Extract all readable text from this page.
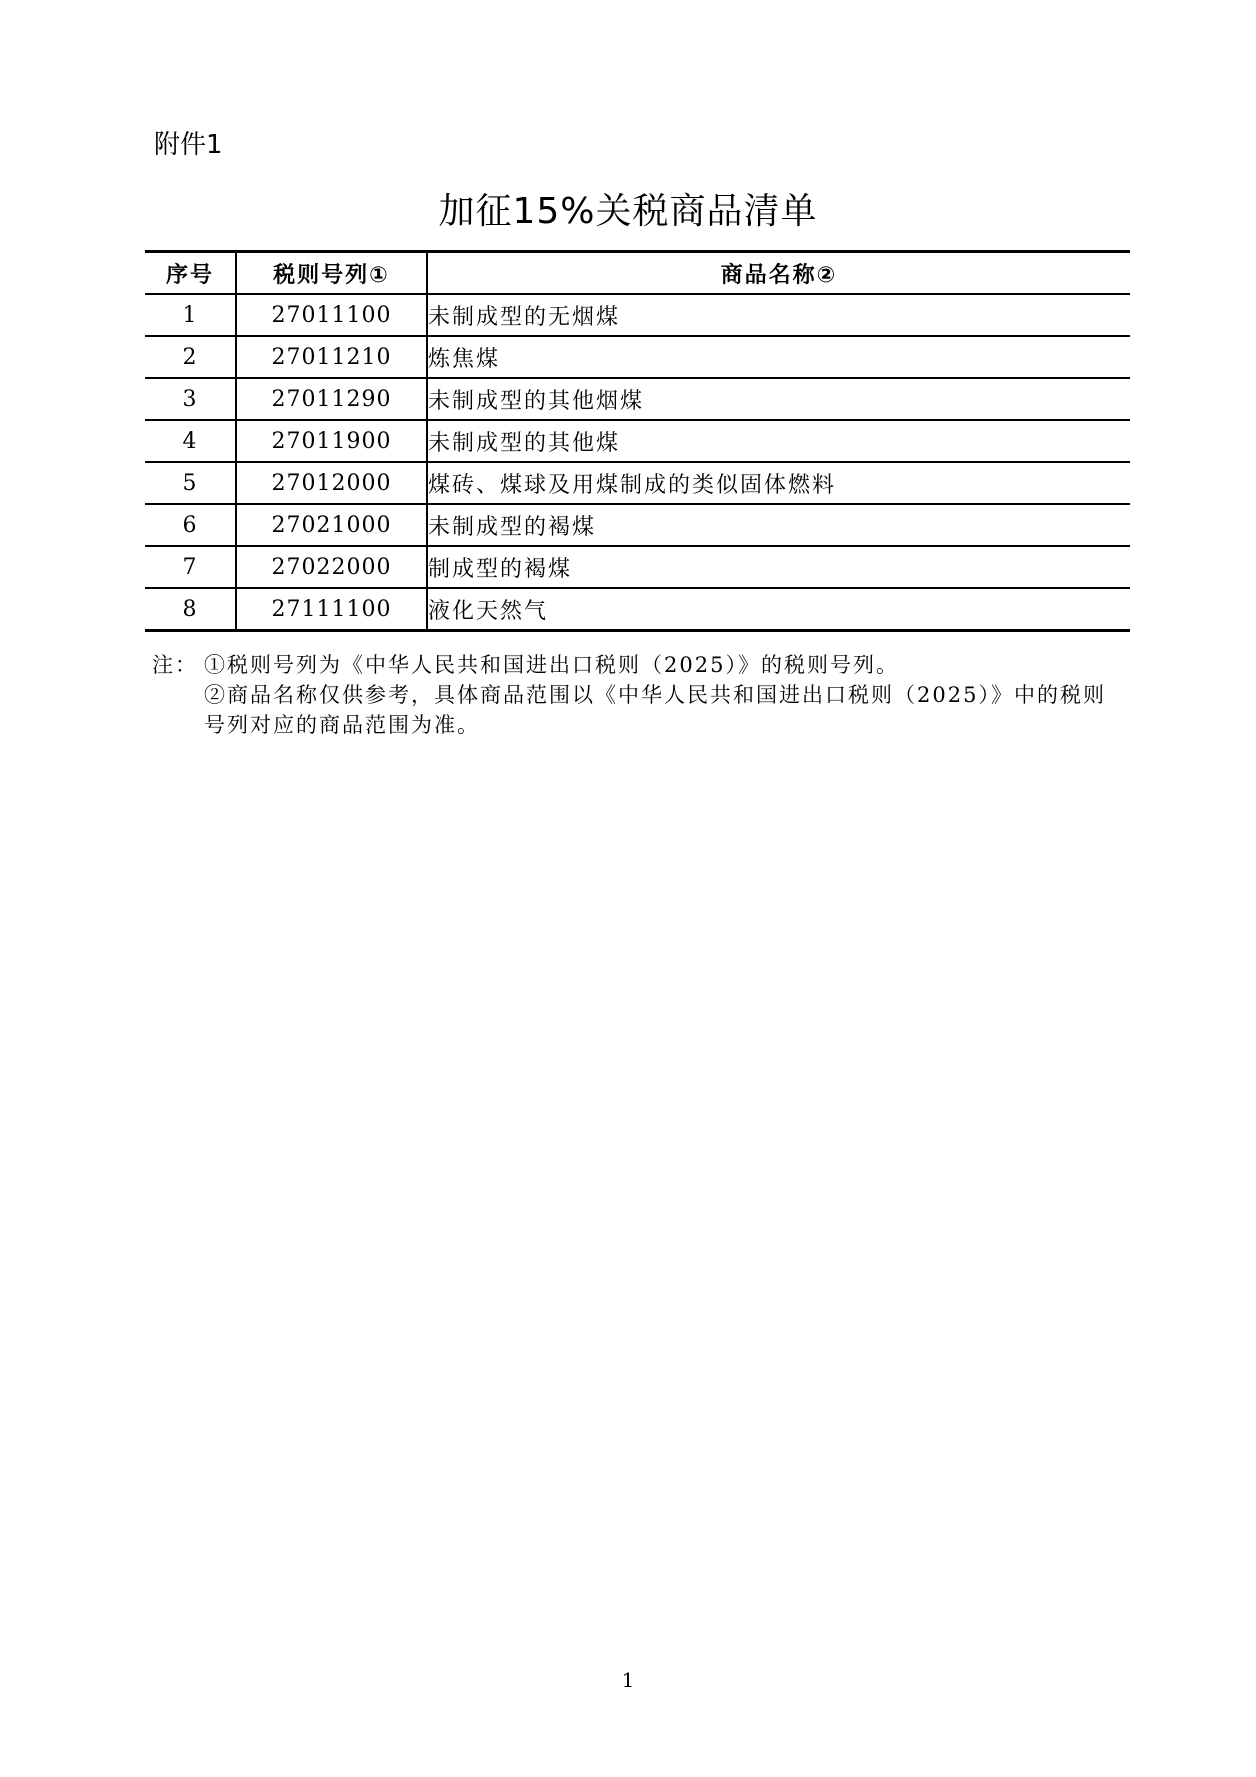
附件1
加征15%关税商品清单
序号	税则号列①	商品名称②
1	27011100	未制成型的无烟煤
2	27011210	炼焦煤
3	27011290	未制成型的其他烟煤
4	27011900	未制成型的其他煤
5	27012000	煤砖、煤球及用煤制成的类似固体燃料
6	27021000	未制成型的褐煤
7	27022000	制成型的褐煤
8	27111100	液化天然气
注： ①税则号列为《中华人民共和国进出口税则（2025）》的税则号列。
②商品名称仅供参考，具体商品范围以《中华人民共和国进出口税则（2025）》中的税则号列对应的商品范围为准。
1
